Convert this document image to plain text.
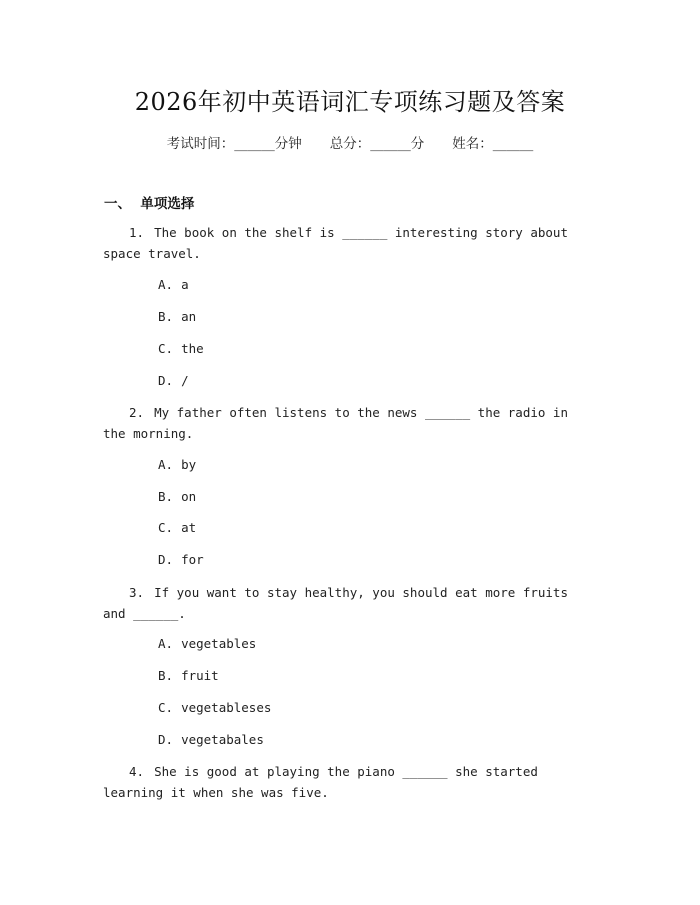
2026年初中英语词汇专项练习题及答案
考试时间：______分钟 总分：______分 姓名：______
一、 单项选择
1. The book on the shelf is ______ interesting story about space travel.
A. a
B. an
C. the
D. /
2. My father often listens to the news ______ the radio in the morning.
A. by
B. on
C. at
D. for
3. If you want to stay healthy, you should eat more fruits and ______.
A. vegetables
B. fruit
C. vegetableses
D. vegetabales
4. She is good at playing the piano ______ she started learning it when she was five.
